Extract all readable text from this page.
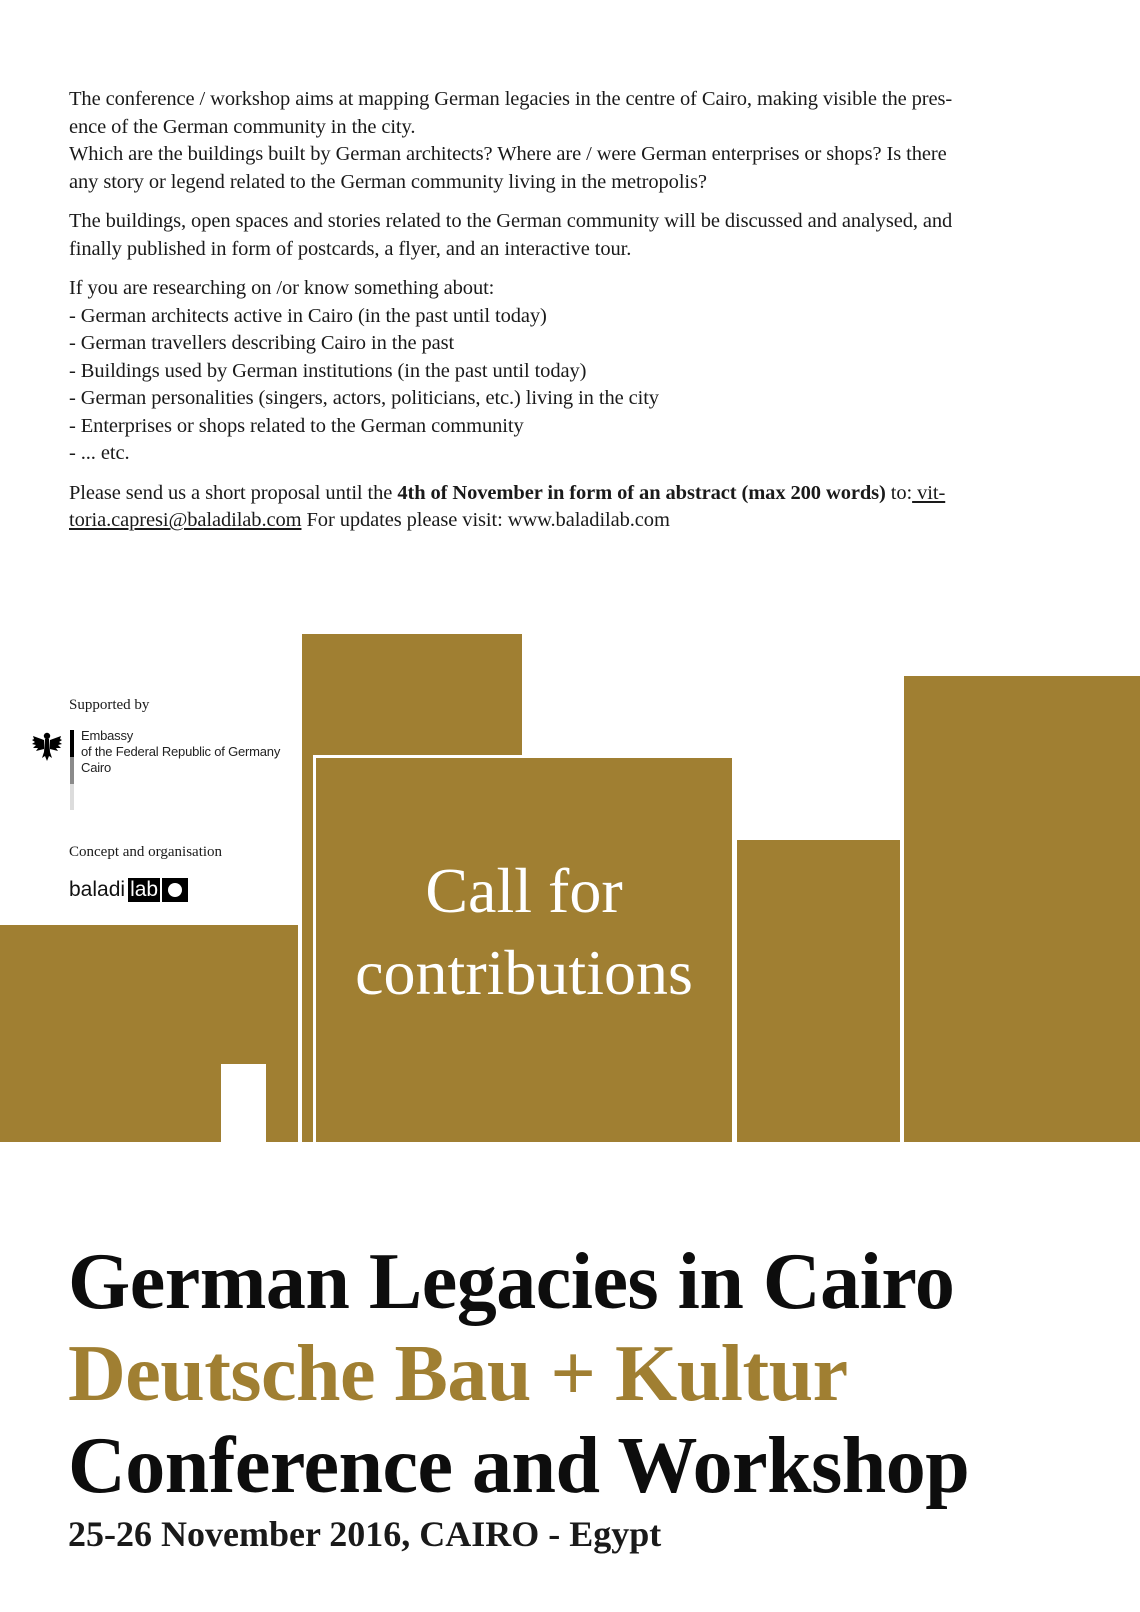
The conference / workshop aims at mapping German legacies in the centre of Cairo, making visible the pres-
ence of the German community in the city.
Which are the buildings built by German architects? Where are / were German enterprises or shops? Is there
any story or legend related to the German community living in the metropolis?

The buildings, open spaces and stories related to the German community will be discussed and analysed, and
finally published in form of postcards, a flyer, and an interactive tour.

If you are researching on /or know something about:
- German architects active in Cairo (in the past until today)
- German travellers describing Cairo in the past
- Buildings used by German institutions (in the past until today)
- German personalities (singers, actors, politicians, etc.) living in the city
- Enterprises or shops related to the German community
- ... etc.

Please send us a short proposal until the 4th of November in form of an abstract (max 200 words) to: vit-
toria.capresi@baladilab.com For updates please visit: www.baladilab.com

Call for
contributions
Supported by
Embassy
of the Federal Republic of Germany
Cairo
Concept and organisation
baladi lab
German Legacies in Cairo
Deutsche Bau + Kultur
Conference and Workshop
25-26 November 2016, CAIRO - Egypt
